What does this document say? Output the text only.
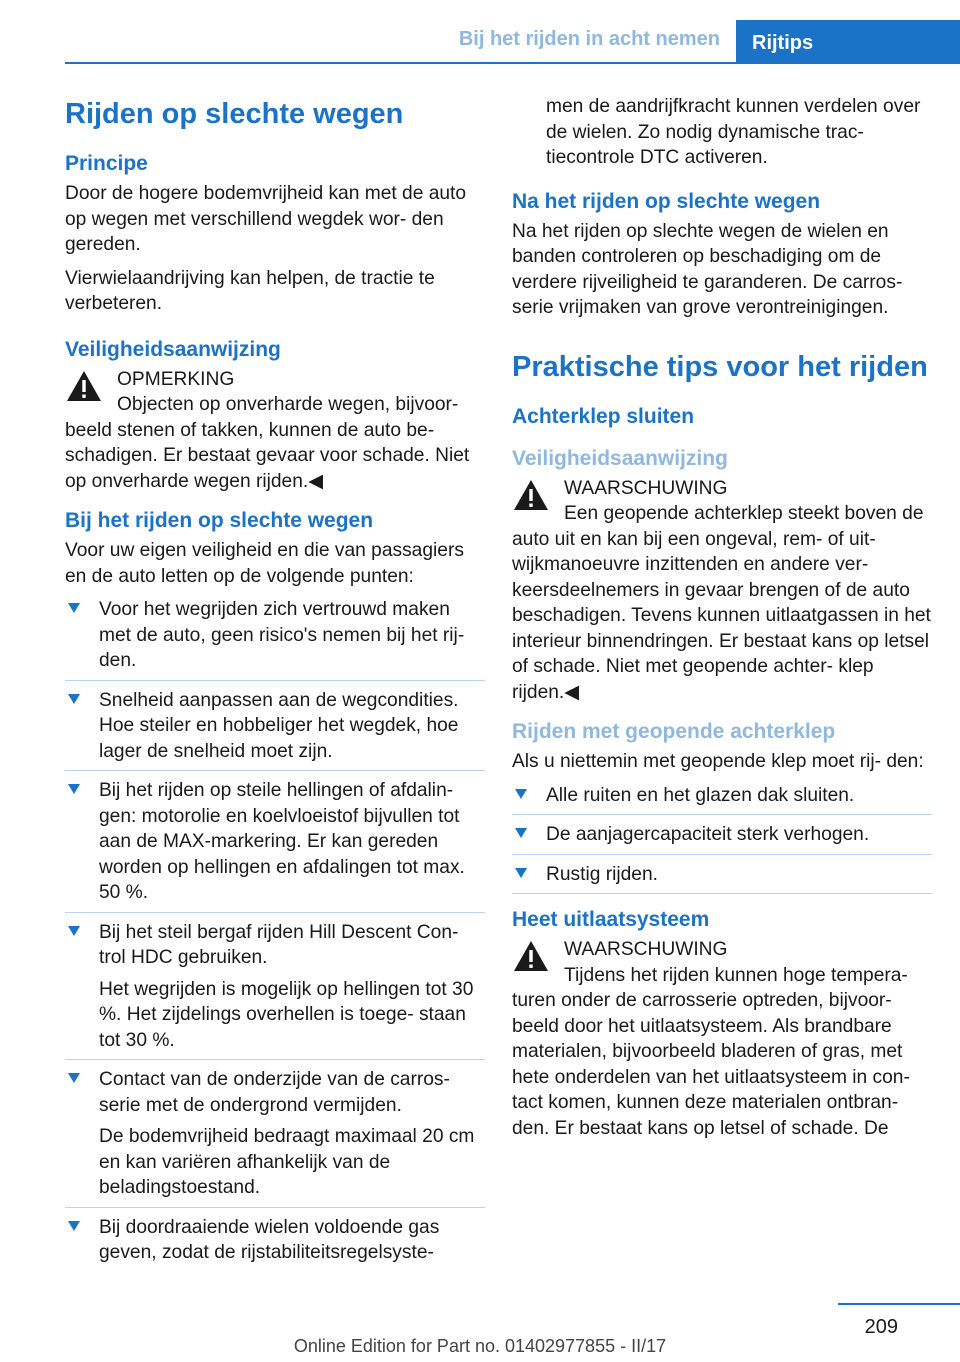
Bij het rijden in acht nemen	Rijtips
Rijden op slechte wegen
Principe

Door de hogere bodemvrijheid kan met de auto op wegen met verschillend wegdek wor‐ den gereden.

Vierwielaandrijving kan helpen, de tractie te verbeteren.

Veiligheidsaanwijzing
OPMERKING
Objecten op onverharde wegen, bijvoor‐ beeld stenen of takken, kunnen de auto be‐ schadigen. Er bestaat gevaar voor schade. Niet op onverharde wegen rijden.◀
Bij het rijden op slechte wegen

Voor uw eigen veiligheid en die van passagiers en de auto letten op de volgende punten:

Voor het wegrijden zich vertrouwd maken met de auto, geen risico's nemen bij het rij‐ den.

Snelheid aanpassen aan de wegcondities. Hoe steiler en hobbeliger het wegdek, hoe lager de snelheid moet zijn.

Bij het rijden op steile hellingen of afdalin‐ gen: motorolie en koelvloeistof bijvullen tot aan de MAX-markering. Er kan gereden worden op hellingen en afdalingen tot max. 50 %.

Bij het steil bergaf rijden Hill Descent Con‐ trol HDC gebruiken.

Het wegrijden is mogelijk op hellingen tot 30 %. Het zijdelings overhellen is toege‐ staan tot 30 %.

Contact van de onderzijde van de carros‐ serie met de ondergrond vermijden.

De bodemvrijheid bedraagt maximaal 20 cm en kan variëren afhankelijk van de beladingstoestand.

Bij doordraaiende wielen voldoende gas geven, zodat de rijstabiliteitsregelsyste‐

men de aandrijfkracht kunnen verdelen over de wielen. Zo nodig dynamische trac‐ tiecontrole DTC activeren.

Na het rijden op slechte wegen

Na het rijden op slechte wegen de wielen en banden controleren op beschadiging om de verdere rijveiligheid te garanderen. De carros‐ serie vrijmaken van grove verontreinigingen.

Praktische tips voor het rijden
Achterklep sluiten
Veiligheidsaanwijzing
WAARSCHUWING
Een geopende achterklep steekt boven de auto uit en kan bij een ongeval, rem- of uit‐ wijkmanoeuvre inzittenden en andere ver‐ keersdeelnemers in gevaar brengen of de auto beschadigen. Tevens kunnen uitlaatgassen in het interieur binnendringen. Er bestaat kans op letsel of schade. Niet met geopende achter‐ klep rijden.◀
Rijden met geopende achterklep

Als u niettemin met geopende klep moet rij‐ den:

Alle ruiten en het glazen dak sluiten.

De aanjagercapaciteit sterk verhogen.

Rustig rijden.

Heet uitlaatsysteem
WAARSCHUWING
Tijdens het rijden kunnen hoge tempera‐ turen onder de carrosserie optreden, bijvoor‐ beeld door het uitlaatsysteem. Als brandbare materialen, bijvoorbeeld bladeren of gras, met hete onderdelen van het uitlaatsysteem in con‐ tact komen, kunnen deze materialen ontbran‐ den. Er bestaat kans op letsel of schade. De
209
Online Edition for Part no. 01402977855 - II/17
